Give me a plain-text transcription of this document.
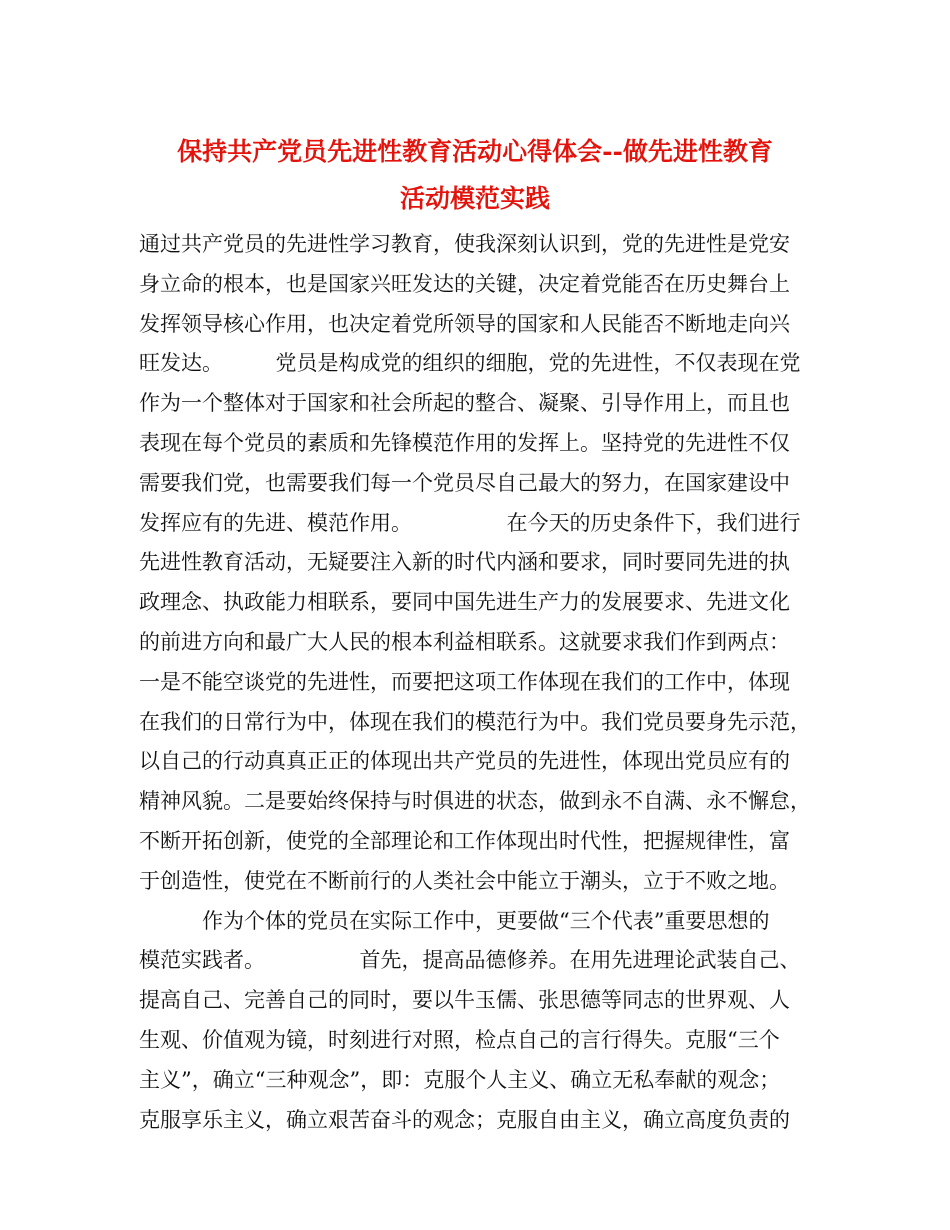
保持共产党员先进性教育活动心得体会--做先进性教育
活动模范实践
通过共产党员的先进性学习教育，使我深刻认识到，党的先进性是党安
身立命的根本，也是国家兴旺发达的关键，决定着党能否在历史舞台上
发挥领导核心作用，也决定着党所领导的国家和人民能否不断地走向兴
旺发达。　　　党员是构成党的组织的细胞，党的先进性，不仅表现在党
作为一个整体对于国家和社会所起的整合、凝聚、引导作用上，而且也
表现在每个党员的素质和先锋模范作用的发挥上。坚持党的先进性不仅
需要我们党，也需要我们每一个党员尽自己最大的努力，在国家建设中
发挥应有的先进、模范作用。　　　　　在今天的历史条件下，我们进行
先进性教育活动，无疑要注入新的时代内涵和要求，同时要同先进的执
政理念、执政能力相联系，要同中国先进生产力的发展要求、先进文化
的前进方向和最广大人民的根本利益相联系。这就要求我们作到两点：
一是不能空谈党的先进性，而要把这项工作体现在我们的工作中，体现
在我们的日常行为中，体现在我们的模范行为中。我们党员要身先示范，
以自己的行动真真正正的体现出共产党员的先进性，体现出党员应有的
精神风貌。二是要始终保持与时俱进的状态，做到永不自满、永不懈怠，
不断开拓创新，使党的全部理论和工作体现出时代性，把握规律性，富
于创造性，使党在不断前行的人类社会中能立于潮头，立于不败之地。
　　　作为个体的党员在实际工作中，更要做“三个代表”重要思想的
模范实践者。　　　　　首先，提高品德修养。在用先进理论武装自己、
提高自己、完善自己的同时，要以牛玉儒、张思德等同志的世界观、人
生观、价值观为镜，时刻进行对照，检点自己的言行得失。克服“三个
主义”，确立“三种观念”，即：克服个人主义、确立无私奉献的观念；
克服享乐主义，确立艰苦奋斗的观念；克服自由主义，确立高度负责的
